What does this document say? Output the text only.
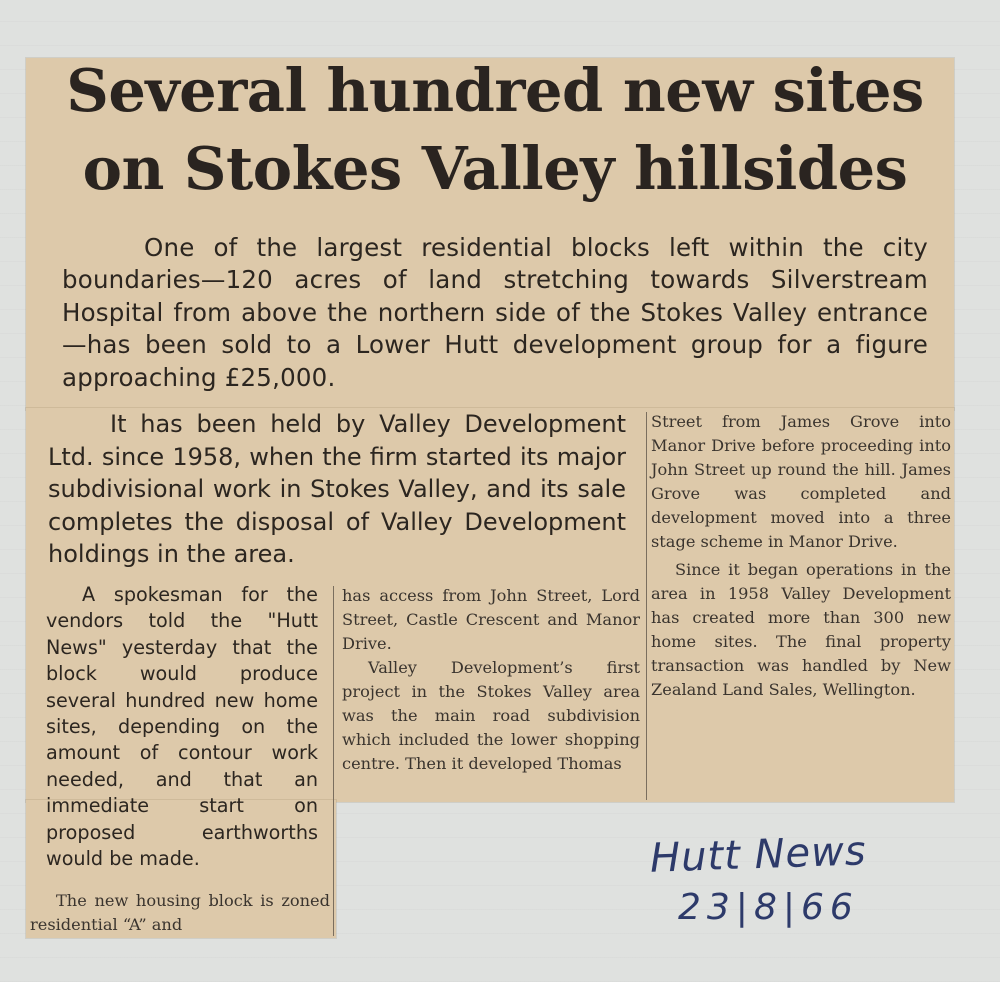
Several hundred new sites on Stokes Valley hillsides

One of the largest residential blocks left within the city boundaries—120 acres of land stretching towards Silverstream Hospital from above the northern side of the Stokes Valley entrance—has been sold to a Lower Hutt development group for a figure approaching £25,000.

It has been held by Valley Development Ltd. since 1958, when the firm started its major subdivisional work in Stokes Valley, and its sale completes the disposal of Valley Development holdings in the area.

A spokesman for the vendors told the "Hutt News" yesterday that the block would produce several hundred new home sites, depending on the amount of contour work needed, and that an immediate start on proposed earthworths would be made.

The new housing block is zoned residential “A” and

has access from John Street, Lord Street, Castle Crescent and Manor Drive.

Valley Development’s first project in the Stokes Valley area was the main road subdivision which included the lower shopping centre. Then it developed Thomas

Street from James Grove into Manor Drive before proceeding into John Street up round the hill. James Grove was completed and development moved into a three stage scheme in Manor Drive.

Since it began operations in the area in 1958 Valley Development has created more than 300 new home sites. The final property transaction was handled by New Zealand Land Sales, Wellington.

Hutt News
23|8|66
